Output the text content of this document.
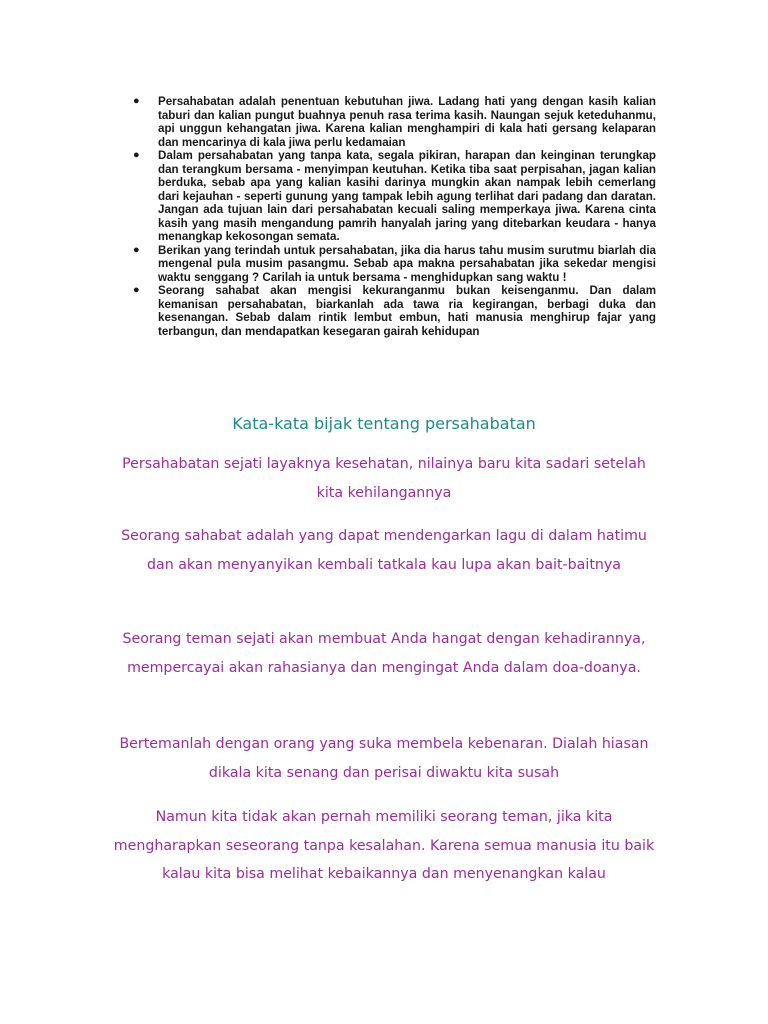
● Persahabatan adalah penentuan kebutuhan jiwa. Ladang hati yang dengan kasih kalian taburi dan kalian pungut buahnya penuh rasa terima kasih. Naungan sejuk keteduhanmu, api unggun kehangatan jiwa. Karena kalian menghampiri di kala hati gersang kelaparan dan mencarinya di kala jiwa perlu kedamaian
● Dalam persahabatan yang tanpa kata, segala pikiran, harapan dan keinginan terungkap dan terangkum bersama - menyimpan keutuhan. Ketika tiba saat perpisahan, jagan kalian berduka, sebab apa yang kalian kasihi darinya mungkin akan nampak lebih cemerlang dari kejauhan - seperti gunung yang tampak lebih agung terlihat dari padang dan daratan. Jangan ada tujuan lain dari persahabatan kecuali saling memperkaya jiwa. Karena cinta kasih yang masih mengandung pamrih hanyalah jaring yang ditebarkan keudara - hanya menangkap kekosongan semata.
● Berikan yang terindah untuk persahabatan, jika dia harus tahu musim surutmu biarlah dia mengenal pula musim pasangmu. Sebab apa makna persahabatan jika sekedar mengisi waktu senggang ? Carilah ia untuk bersama - menghidupkan sang waktu !
● Seorang sahabat akan mengisi kekuranganmu bukan keisenganmu. Dan dalam kemanisan persahabatan, biarkanlah ada tawa ria kegirangan, berbagi duka dan kesenangan. Sebab dalam rintik lembut embun, hati manusia menghirup fajar yang terbangun, dan mendapatkan kesegaran gairah kehidupan
Kata-kata bijak tentang persahabatan

Persahabatan sejati layaknya kesehatan, nilainya baru kita sadari setelah kita kehilangannya

Seorang sahabat adalah yang dapat mendengarkan lagu di dalam hatimu dan akan menyanyikan kembali tatkala kau lupa akan bait-baitnya

Seorang teman sejati akan membuat Anda hangat dengan kehadirannya, mempercayai akan rahasianya dan mengingat Anda dalam doa-doanya.

Bertemanlah dengan orang yang suka membela kebenaran. Dialah hiasan dikala kita senang dan perisai diwaktu kita susah

Namun kita tidak akan pernah memiliki seorang teman, jika kita mengharapkan seseorang tanpa kesalahan. Karena semua manusia itu baik kalau kita bisa melihat kebaikannya dan menyenangkan kalau
